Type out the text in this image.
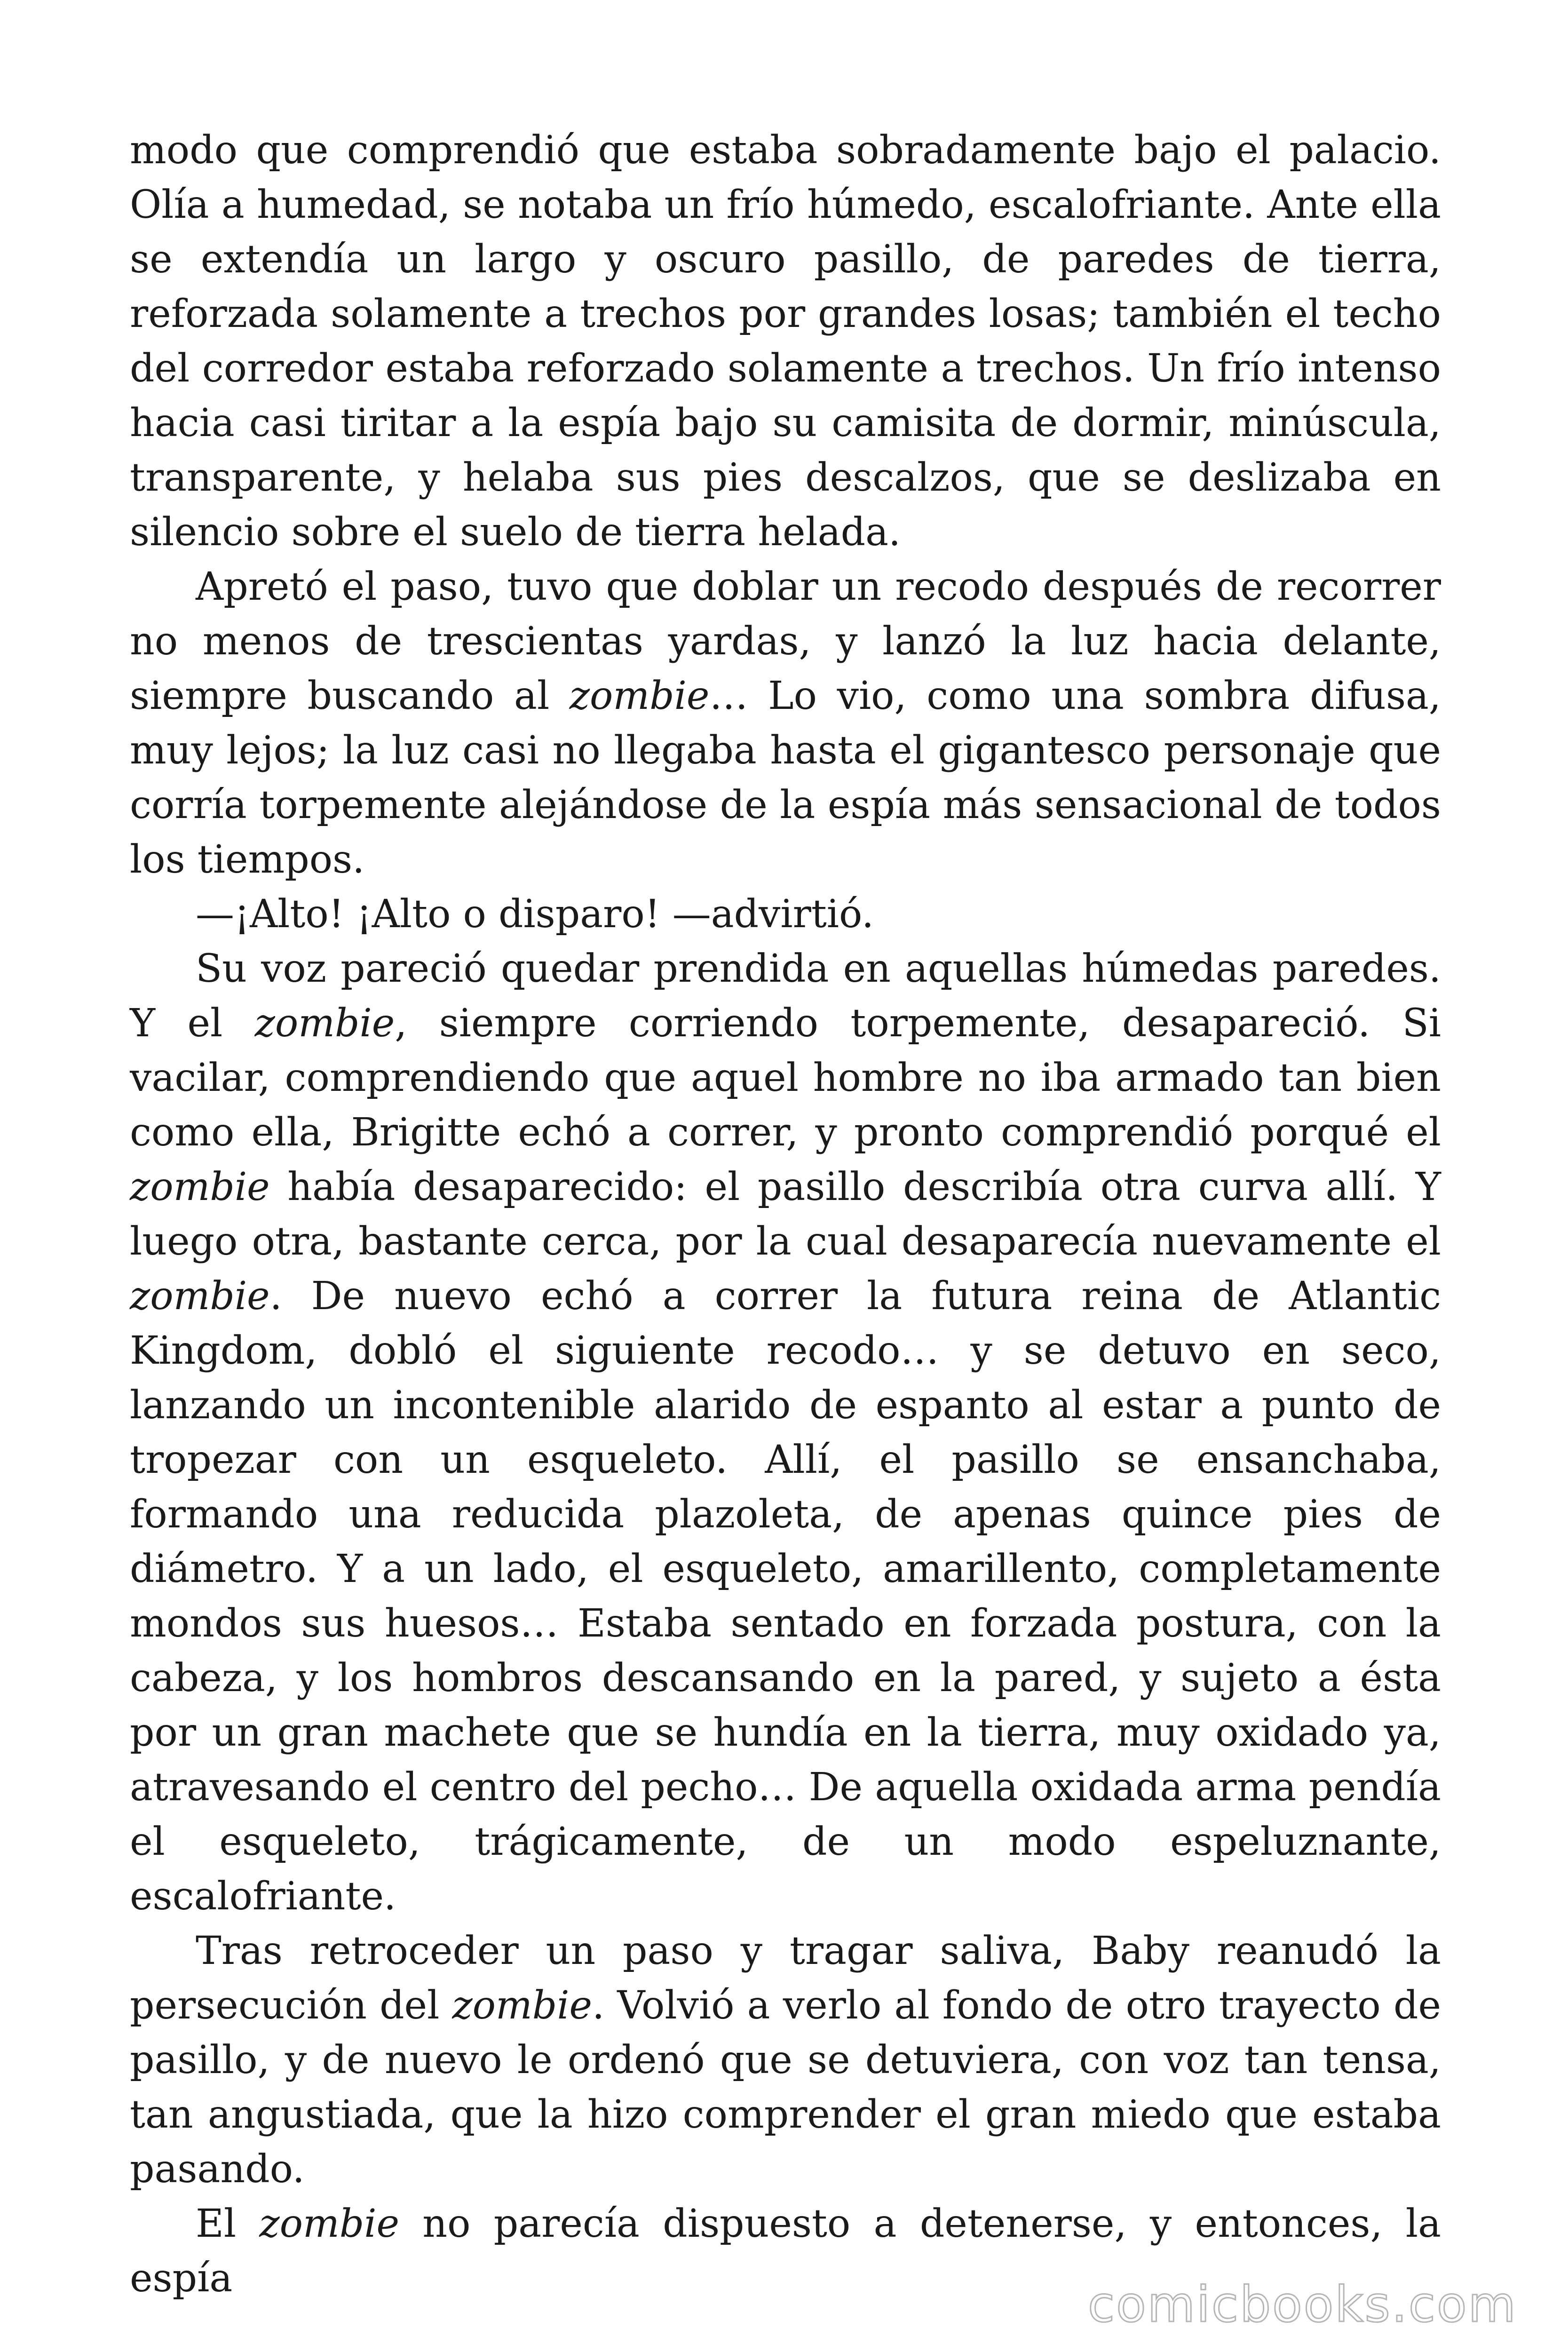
modo que comprendió que estaba sobradamente bajo el palacio. Olía a humedad, se notaba un frío húmedo, escalofriante. Ante ella se extendía un largo y oscuro pasillo, de paredes de tierra, reforzada solamente a trechos por grandes losas; también el techo del corredor estaba reforzado solamente a trechos. Un frío intenso hacia casi tiritar a la espía bajo su camisita de dormir, minúscula, transparente, y helaba sus pies descalzos, que se deslizaba en silencio sobre el suelo de tierra helada.

Apretó el paso, tuvo que doblar un recodo después de recorrer no menos de trescientas yardas, y lanzó la luz hacia delante, siempre buscando al zombie… Lo vio, como una sombra difusa, muy lejos; la luz casi no llegaba hasta el gigantesco personaje que corría torpemente alejándose de la espía más sensacional de todos los tiempos.

—¡Alto! ¡Alto o disparo! —advirtió.

Su voz pareció quedar prendida en aquellas húmedas paredes. Y el zombie, siempre corriendo torpemente, desapareció. Si vacilar, comprendiendo que aquel hombre no iba armado tan bien como ella, Brigitte echó a correr, y pronto comprendió porqué el zombie había desaparecido: el pasillo describía otra curva allí. Y luego otra, bastante cerca, por la cual desaparecía nuevamente el zombie. De nuevo echó a correr la futura reina de Atlantic Kingdom, dobló el siguiente recodo… y se detuvo en seco, lanzando un incontenible alarido de espanto al estar a punto de tropezar con un esqueleto. Allí, el pasillo se ensanchaba, formando una reducida plazoleta, de apenas quince pies de diámetro. Y a un lado, el esqueleto, amarillento, completamente mondos sus huesos… Estaba sentado en forzada postura, con la cabeza, y los hombros descansando en la pared, y sujeto a ésta por un gran machete que se hundía en la tierra, muy oxidado ya, atravesando el centro del pecho… De aquella oxidada arma pendía el esqueleto, trágicamente, de un modo espeluznante, escalofriante.

Tras retroceder un paso y tragar saliva, Baby reanudó la persecución del zombie. Volvió a verlo al fondo de otro trayecto de pasillo, y de nuevo le ordenó que se detuviera, con voz tan tensa, tan angustiada, que la hizo comprender el gran miedo que estaba pasando.

El zombie no parecía dispuesto a detenerse, y entonces, la espía	comicbooks.com
